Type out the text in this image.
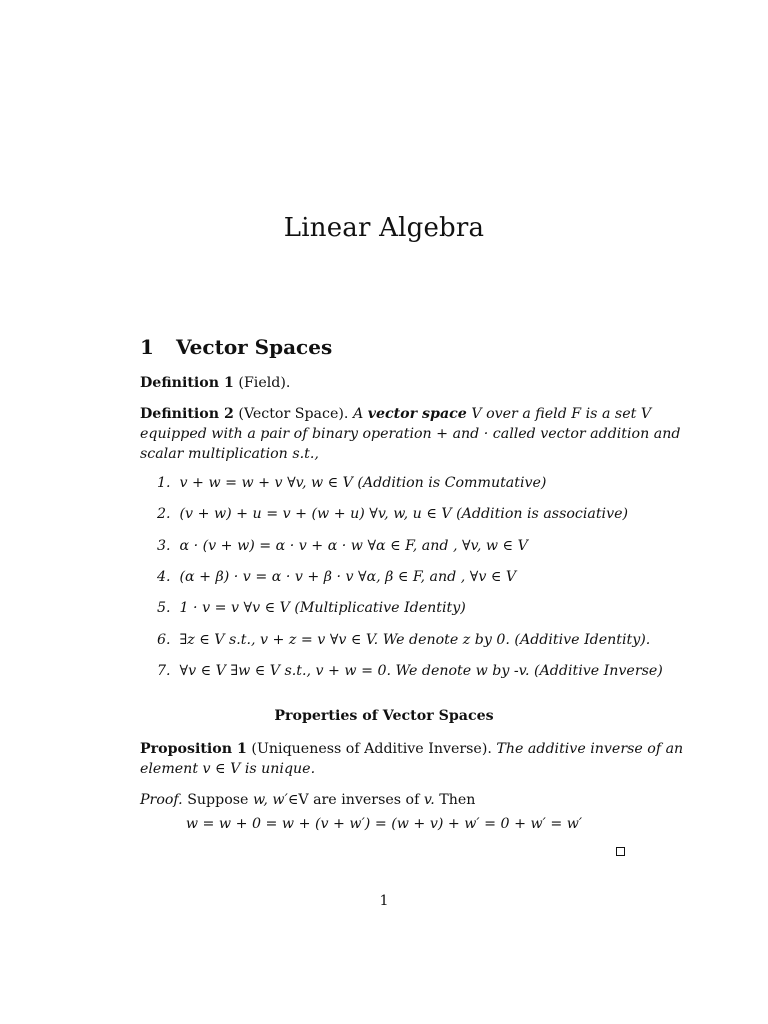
Linear Algebra
1 Vector Spaces
Definition 1 (Field).
Definition 2 (Vector Space). A vector space V over a field F is a set V
equipped with a pair of binary operation + and · called vector addition and
scalar multiplication s.t.,
1. v + w = w + v ∀v, w ∈ V (Addition is Commutative)
2. (v + w) + u = v + (w + u) ∀v, w, u ∈ V (Addition is associative)
3. α · (v + w) = α · v + α · w ∀α ∈ F, and , ∀v, w ∈ V
4. (α + β) · v = α · v + β · v ∀α, β ∈ F, and , ∀v ∈ V
5. 1 · v = v ∀v ∈ V (Multiplicative Identity)
6. ∃z ∈ V s.t., v + z = v ∀v ∈ V. We denote z by 0. (Additive Identity).
7. ∀v ∈ V ∃w ∈ V s.t., v + w = 0. We denote w by -v. (Additive Inverse)
Properties of Vector Spaces
Proposition 1 (Uniqueness of Additive Inverse). The additive inverse of an
element v ∈ V is unique.
Proof. Suppose w, w′∈V are inverses of v. Then
w = w + 0 = w + (v + w′) = (w + v) + w′ = 0 + w′ = w′
1
